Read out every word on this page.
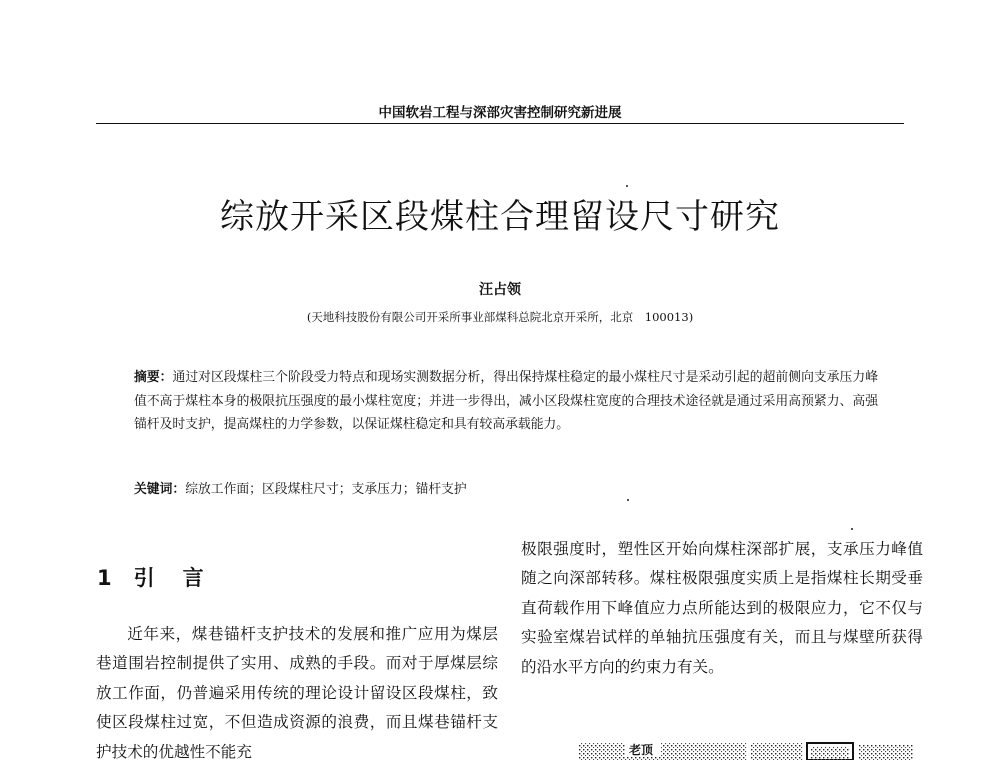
中国软岩工程与深部灾害控制研究新进展
综放开采区段煤柱合理留设尺寸研究
汪占领
(天地科技股份有限公司开采所事业部煤科总院北京开采所，北京　100013)
摘要：通过对区段煤柱三个阶段受力特点和现场实测数据分析，得出保持煤柱稳定的最小煤柱尺寸是采动引起的超前侧向支承压力峰值不高于煤柱本身的极限抗压强度的最小煤柱宽度；并进一步得出，减小区段煤柱宽度的合理技术途径就是通过采用高预紧力、高强锚杆及时支护，提高煤柱的力学参数，以保证煤柱稳定和具有较高承载能力。
关键词：综放工作面；区段煤柱尺寸；支承压力；锚杆支护
1 引言
近年来，煤巷锚杆支护技术的发展和推广应用为煤层巷道围岩控制提供了实用、成熟的手段。而对于厚煤层综放工作面，仍普遍采用传统的理论设计留设区段煤柱，致使区段煤柱过宽，不但造成资源的浪费，而且煤巷锚杆支护技术的优越性不能充
极限强度时，塑性区开始向煤柱深部扩展，支承压力峰值随之向深部转移。煤柱极限强度实质上是指煤柱长期受垂直荷载作用下峰值应力点所能达到的极限应力，它不仅与实验室煤岩试样的单轴抗压强度有关，而且与煤壁所获得的沿水平方向的约束力有关。
老顶
